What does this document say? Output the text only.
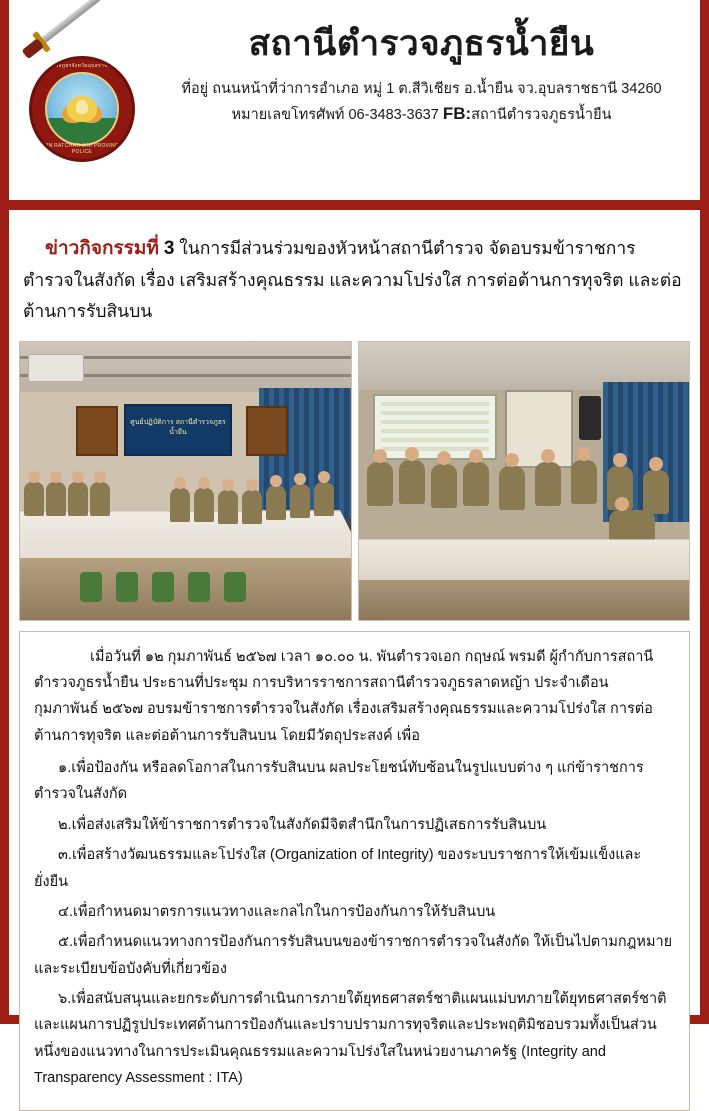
ตำรวจภูธรจังหวัดอุบลราชธานี
UBON RATCHATHANI PROVINCIAL POLICE
สถานีตำรวจภูธรน้ำยืน
ที่อยู่ ถนนหน้าที่ว่าการอำเภอ หมู่ 1 ต.สีวิเชียร อ.น้ำยืน จว.อุบลราชธานี 34260
หมายเลขโทรศัพท์ 06-3483-3637 FB:สถานีตำรวจภูธรน้ำยืน
ข่าวกิจกรรมที่ 3 ในการมีส่วนร่วมของหัวหน้าสถานีตำรวจ จัดอบรมข้าราชการตำรวจในสังกัด เรื่อง เสริมสร้างคุณธรรม และความโปร่งใส การต่อต้านการทุจริต และต่อต้านการรับสินบน
ศูนย์ปฏิบัติการ สถานีตำรวจภูธรน้ำยืน

เมื่อวันที่ ๑๒ กุมภาพันธ์ ๒๕๖๗ เวลา ๑๐.๐๐ น. พันตำรวจเอก กฤษณ์ พรมดี ผู้กำกับการสถานีตำรวจภูธรน้ำยืน ประธานที่ประชุม การบริหารราชการสถานีตำรวจภูธรลาดหญ้า ประจำเดือน กุมภาพันธ์ ๒๕๖๗ อบรมข้าราชการตำรวจในสังกัด เรื่องเสริมสร้างคุณธรรมและความโปร่งใส การต่อต้านการทุจริต และต่อต้านการรับสินบน โดยมีวัตถุประสงค์ เพื่อ

๑.เพื่อป้องกัน หรือลดโอกาสในการรับสินบน ผลประโยชน์ทับซ้อนในรูปแบบต่าง ๆ แก่ข้าราชการตำรวจในสังกัด

๒.เพื่อส่งเสริมให้ข้าราชการตำรวจในสังกัดมีจิตสำนึกในการปฏิเสธการรับสินบน

๓.เพื่อสร้างวัฒนธรรมและโปร่งใส (Organization of Integrity) ของระบบราชการให้เข้มแข็งและยั่งยืน

๔.เพื่อกำหนดมาตรการแนวทางและกลไกในการป้องกันการให้รับสินบน

๕.เพื่อกำหนดแนวทางการป้องกันการรับสินบนของข้าราชการตำรวจในสังกัด ให้เป็นไปตามกฎหมายและระเบียบข้อบังคับที่เกี่ยวข้อง

๖.เพื่อสนับสนุนและยกระดับการดำเนินการภายใต้ยุทธศาสตร์ชาติแผนแม่บทภายใต้ยุทธศาสตร์ชาติและแผนการปฏิรูปประเทศด้านการป้องกันและปราบปรามการทุจริตและประพฤติมิชอบรวมทั้งเป็นส่วนหนึ่งของแนวทางในการประเมินคุณธรรมและความโปร่งใสในหน่วยงานภาครัฐ (Integrity and Transparency Assessment : ITA)
